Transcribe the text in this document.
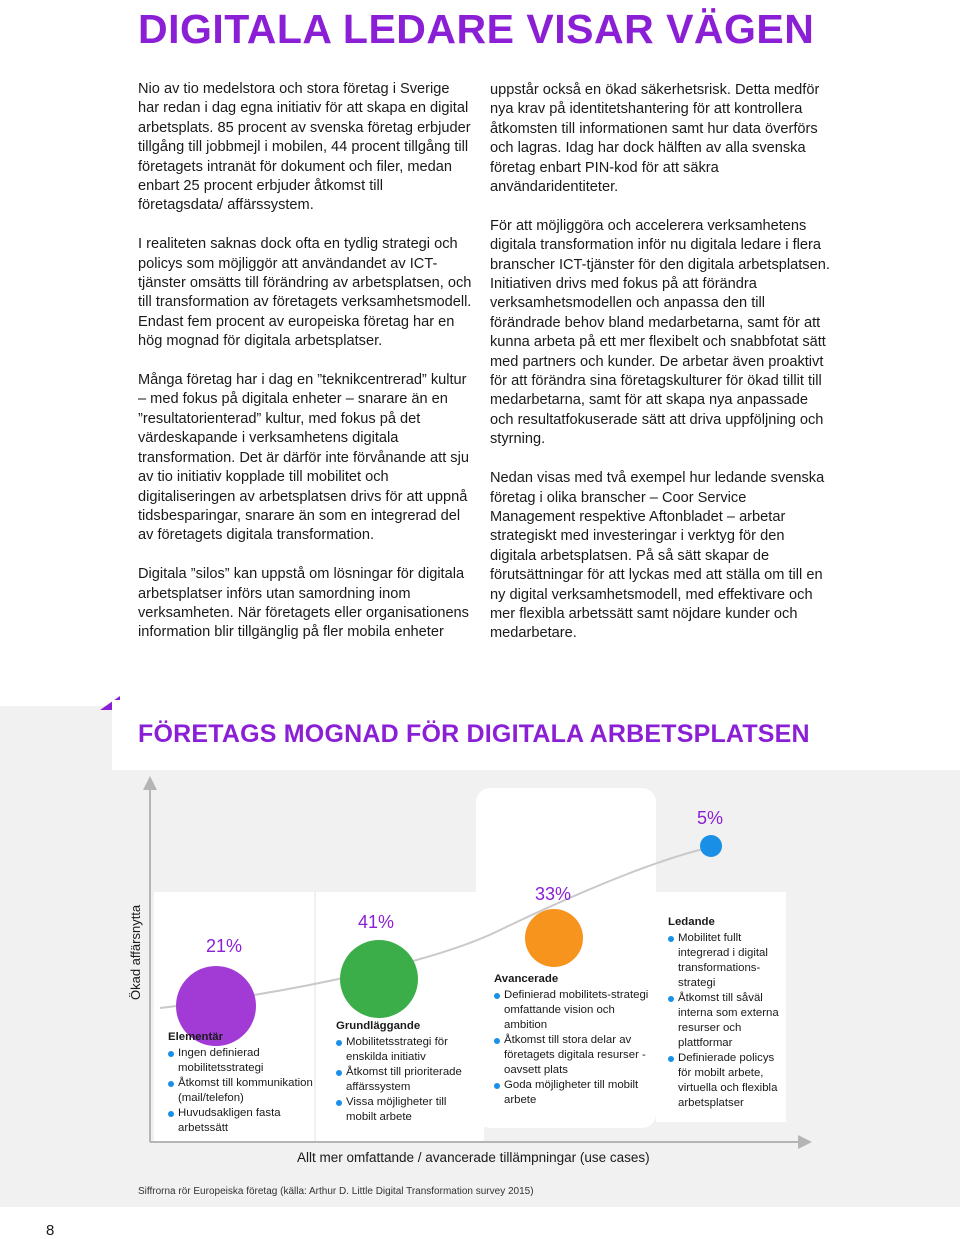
DIGITALA LEDARE VISAR VÄGEN

Nio av tio medelstora och stora företag i Sverige har redan i dag egna initiativ för att skapa en digital arbetsplats. 85 procent av svenska företag erbjuder tillgång till jobbmejl i mobilen, 44 procent tillgång till företagets intranät för dokument och filer, medan enbart 25 procent erbjuder åtkomst till företagsdata/ affärssystem.

I realiteten saknas dock ofta en tydlig strategi och policys som möjliggör att användandet av ICT-tjänster omsätts till förändring av arbetsplatsen, och till transformation av företagets verksamhetsmodell. Endast fem procent av europeiska företag har en hög mognad för digitala arbetsplatser.

Många företag har i dag en ”teknikcentrerad” kultur – med fokus på digitala enheter – snarare än en ”resultatorienterad” kultur, med fokus på det värdeskapande i verksamhetens digitala transformation. Det är därför inte förvånande att sju av tio initiativ kopplade till mobilitet och digitaliseringen av arbetsplatsen drivs för att uppnå tidsbesparingar, snarare än som en integrerad del av företagets digitala transformation.

Digitala ”silos” kan uppstå om lösningar för digitala arbetsplatser införs utan samordning inom verksamheten. När företagets eller organisationens information blir tillgänglig på fler mobila enheter

uppstår också en ökad säkerhetsrisk. Detta medför nya krav på identitetshantering för att kontrollera åtkomsten till informationen samt hur data överförs och lagras. Idag har dock hälften av alla svenska företag enbart PIN-kod för att säkra användaridentiteter.

För att möjliggöra och accelerera verksamhetens digitala transformation inför nu digitala ledare i flera branscher ICT-tjänster för den digitala arbetsplatsen. Initiativen drivs med fokus på att förändra verksamhetsmodellen och anpassa den till förändrade behov bland medarbetarna, samt för att kunna arbeta på ett mer flexibelt och snabbfotat sätt med partners och kunder. De arbetar även proaktivt för att förändra sina företagskulturer för ökad tillit till medarbetarna, samt för att skapa nya anpassade och resultatfokuserade sätt att driva uppföljning och styrning.

Nedan visas med två exempel hur ledande svenska företag i olika branscher – Coor Service Management respektive Aftonbladet – arbetar strategiskt med investeringar i verktyg för den digitala arbetsplatsen. På så sätt skapar de förutsättningar för att lyckas med att ställa om till en ny digital verksamhetsmodell, med effektivare och mer flexibla arbetssätt samt nöjdare kunder och medarbetare.

FÖRETAGS MOGNAD FÖR DIGITALA ARBETSPLATSEN
21%
41%
33%
5%
Elementär
Ingen definierad mobilitetsstrategi
Åtkomst till kommunikation (mail/telefon)
Huvudsakligen fasta arbetssätt
Grundläggande
Mobilitetsstrategi för enskilda initiativ
Åtkomst till prioriterade affärssystem
Vissa möjligheter till mobilt arbete
Avancerade
Definierad mobilitets-strategi omfattande vision och ambition
Åtkomst till stora delar av företagets digitala resurser - oavsett plats
Goda möjligheter till mobilt arbete
Ledande
Mobilitet fullt integrerad i digital transformations-strategi
Åtkomst till såväl interna som externa resurser och plattformar
Definierade policys för mobilt arbete, virtuella och flexibla arbetsplatser
Ökad affärsnytta
Allt mer omfattande / avancerade tillämpningar (use cases)
Siffrorna rör Europeiska företag (källa: Arthur D. Little Digital Transformation survey 2015)
8
